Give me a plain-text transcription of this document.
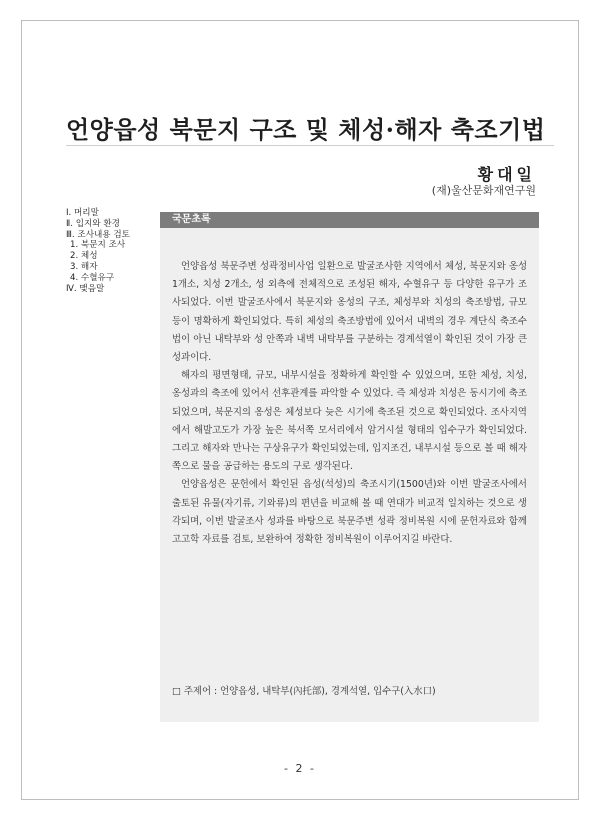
언양읍성 북문지 구조 및 체성·해자 축조기법
황대일
(재)울산문화재연구원
Ⅰ. 머리말
Ⅱ. 입지와 환경
Ⅲ. 조사내용 검토
1. 북문지 조사
2. 체성
3. 해자
4. 수혈유구
Ⅳ. 맺음말
국문초록

언양읍성 북문주변 성곽정비사업 일환으로 발굴조사한 지역에서 체성, 북문지와 옹성 1개소, 치성 2개소, 성 외측에 전체적으로 조성된 해자, 수혈유구 등 다양한 유구가 조사되었다. 이번 발굴조사에서 북문지와 옹성의 구조, 체성부와 치성의 축조방법, 규모 등이 명확하게 확인되었다. 특히 체성의 축조방법에 있어서 내벽의 경우 계단식 축조수법이 아닌 내탁부와 성 안쪽과 내벽 내탁부를 구분하는 경계석열이 확인된 것이 가장 큰 성과이다.

해자의 평면형태, 규모, 내부시설을 정확하게 확인할 수 있었으며, 또한 체성, 치성, 옹성과의 축조에 있어서 선후관계를 파악할 수 있었다. 즉 체성과 치성은 동시기에 축조되었으며, 북문지의 옹성은 체성보다 늦은 시기에 축조된 것으로 확인되었다. 조사지역에서 해발고도가 가장 높은 북서쪽 모서리에서 암거시설 형태의 입수구가 확인되었다. 그리고 해자와 만나는 구상유구가 확인되었는데, 입지조건, 내부시설 등으로 볼 때 해자쪽으로 물을 공급하는 용도의 구로 생각된다.

언양읍성은 문헌에서 확인된 읍성(석성)의 축조시기(1500년)와 이번 발굴조사에서 출토된 유물(자기류, 기와류)의 편년을 비교해 볼 때 연대가 비교적 일치하는 것으로 생각되며, 이번 발굴조사 성과를 바탕으로 북문주변 성곽 정비복원 시에 문헌자료와 함께 고고학 자료를 검토, 보완하여 정확한 정비복원이 이루어지길 바란다.

□ 주제어 : 언양읍성, 내탁부(內托部), 경계석열, 입수구(入水口)
- 2 -
